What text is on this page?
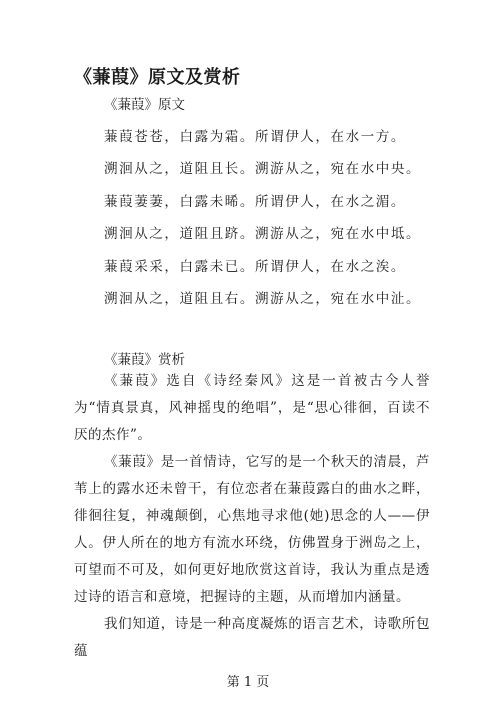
《蒹葭》原文及赏析
《蒹葭》原文
蒹葭苍苍，白露为霜。所谓伊人，在水一方。
溯洄从之，道阻且长。溯游从之，宛在水中央。
蒹葭萋萋，白露未晞。所谓伊人，在水之湄。
溯洄从之，道阻且跻。溯游从之，宛在水中坻。
蒹葭采采，白露未已。所谓伊人，在水之涘。
溯洄从之，道阻且右。溯游从之，宛在水中沚。
《蒹葭》赏析
《蒹葭》选自《诗经秦风》这是一首被古今人誉为“情真景真，风神摇曳的绝唱”，是“思心徘徊，百读不厌的杰作”。
《蒹葭》是一首情诗，它写的是一个秋天的清晨，芦苇上的露水还未曾干，有位恋者在蒹葭露白的曲水之畔，徘徊往复，神魂颠倒，心焦地寻求他(她)思念的人——伊人。伊人所在的地方有流水环绕，仿佛置身于洲岛之上，可望而不可及，如何更好地欣赏这首诗，我认为重点是透过诗的语言和意境，把握诗的主题，从而增加内涵量。
我们知道，诗是一种高度凝炼的语言艺术，诗歌所包蕴
第 1 页
